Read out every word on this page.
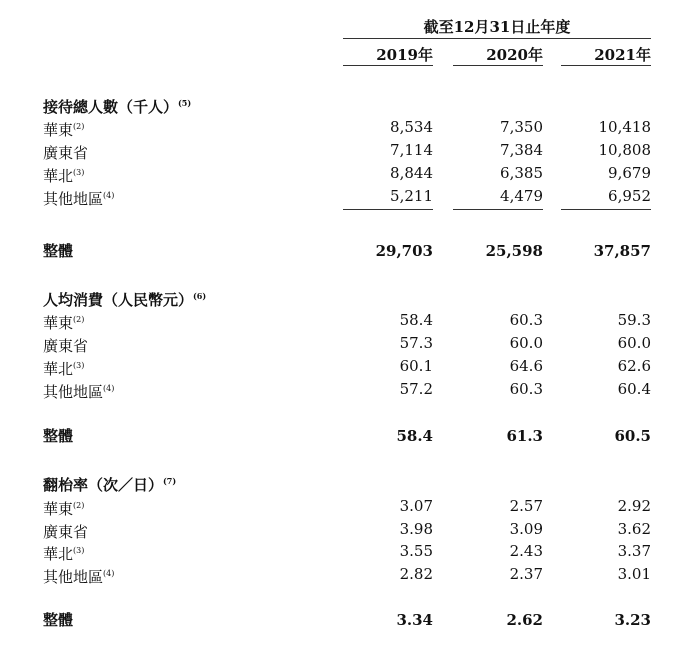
截至12月31日止年度
2019年	2020年	2021年
接待總人數（千人）$^{(5)}$
華東$^{(2)}$	8,534	7,350	10,418
廣東省	7,114	7,384	10,808
華北$^{(3)}$	8,844	6,385	9,679
其他地區$^{(4)}$	5,211	4,479	6,952
整體	29,703	25,598	37,857
人均消費（人民幣元）$^{(6)}$
華東$^{(2)}$	58.4	60.3	59.3
廣東省	57.3	60.0	60.0
華北$^{(3)}$	60.1	64.6	62.6
其他地區$^{(4)}$	57.2	60.3	60.4
整體	58.4	61.3	60.5
翻枱率（次／日）$^{(7)}$
華東$^{(2)}$	3.07	2.57	2.92
廣東省	3.98	3.09	3.62
華北$^{(3)}$	3.55	2.43	3.37
其他地區$^{(4)}$	2.82	2.37	3.01
整體	3.34	2.62	3.23
